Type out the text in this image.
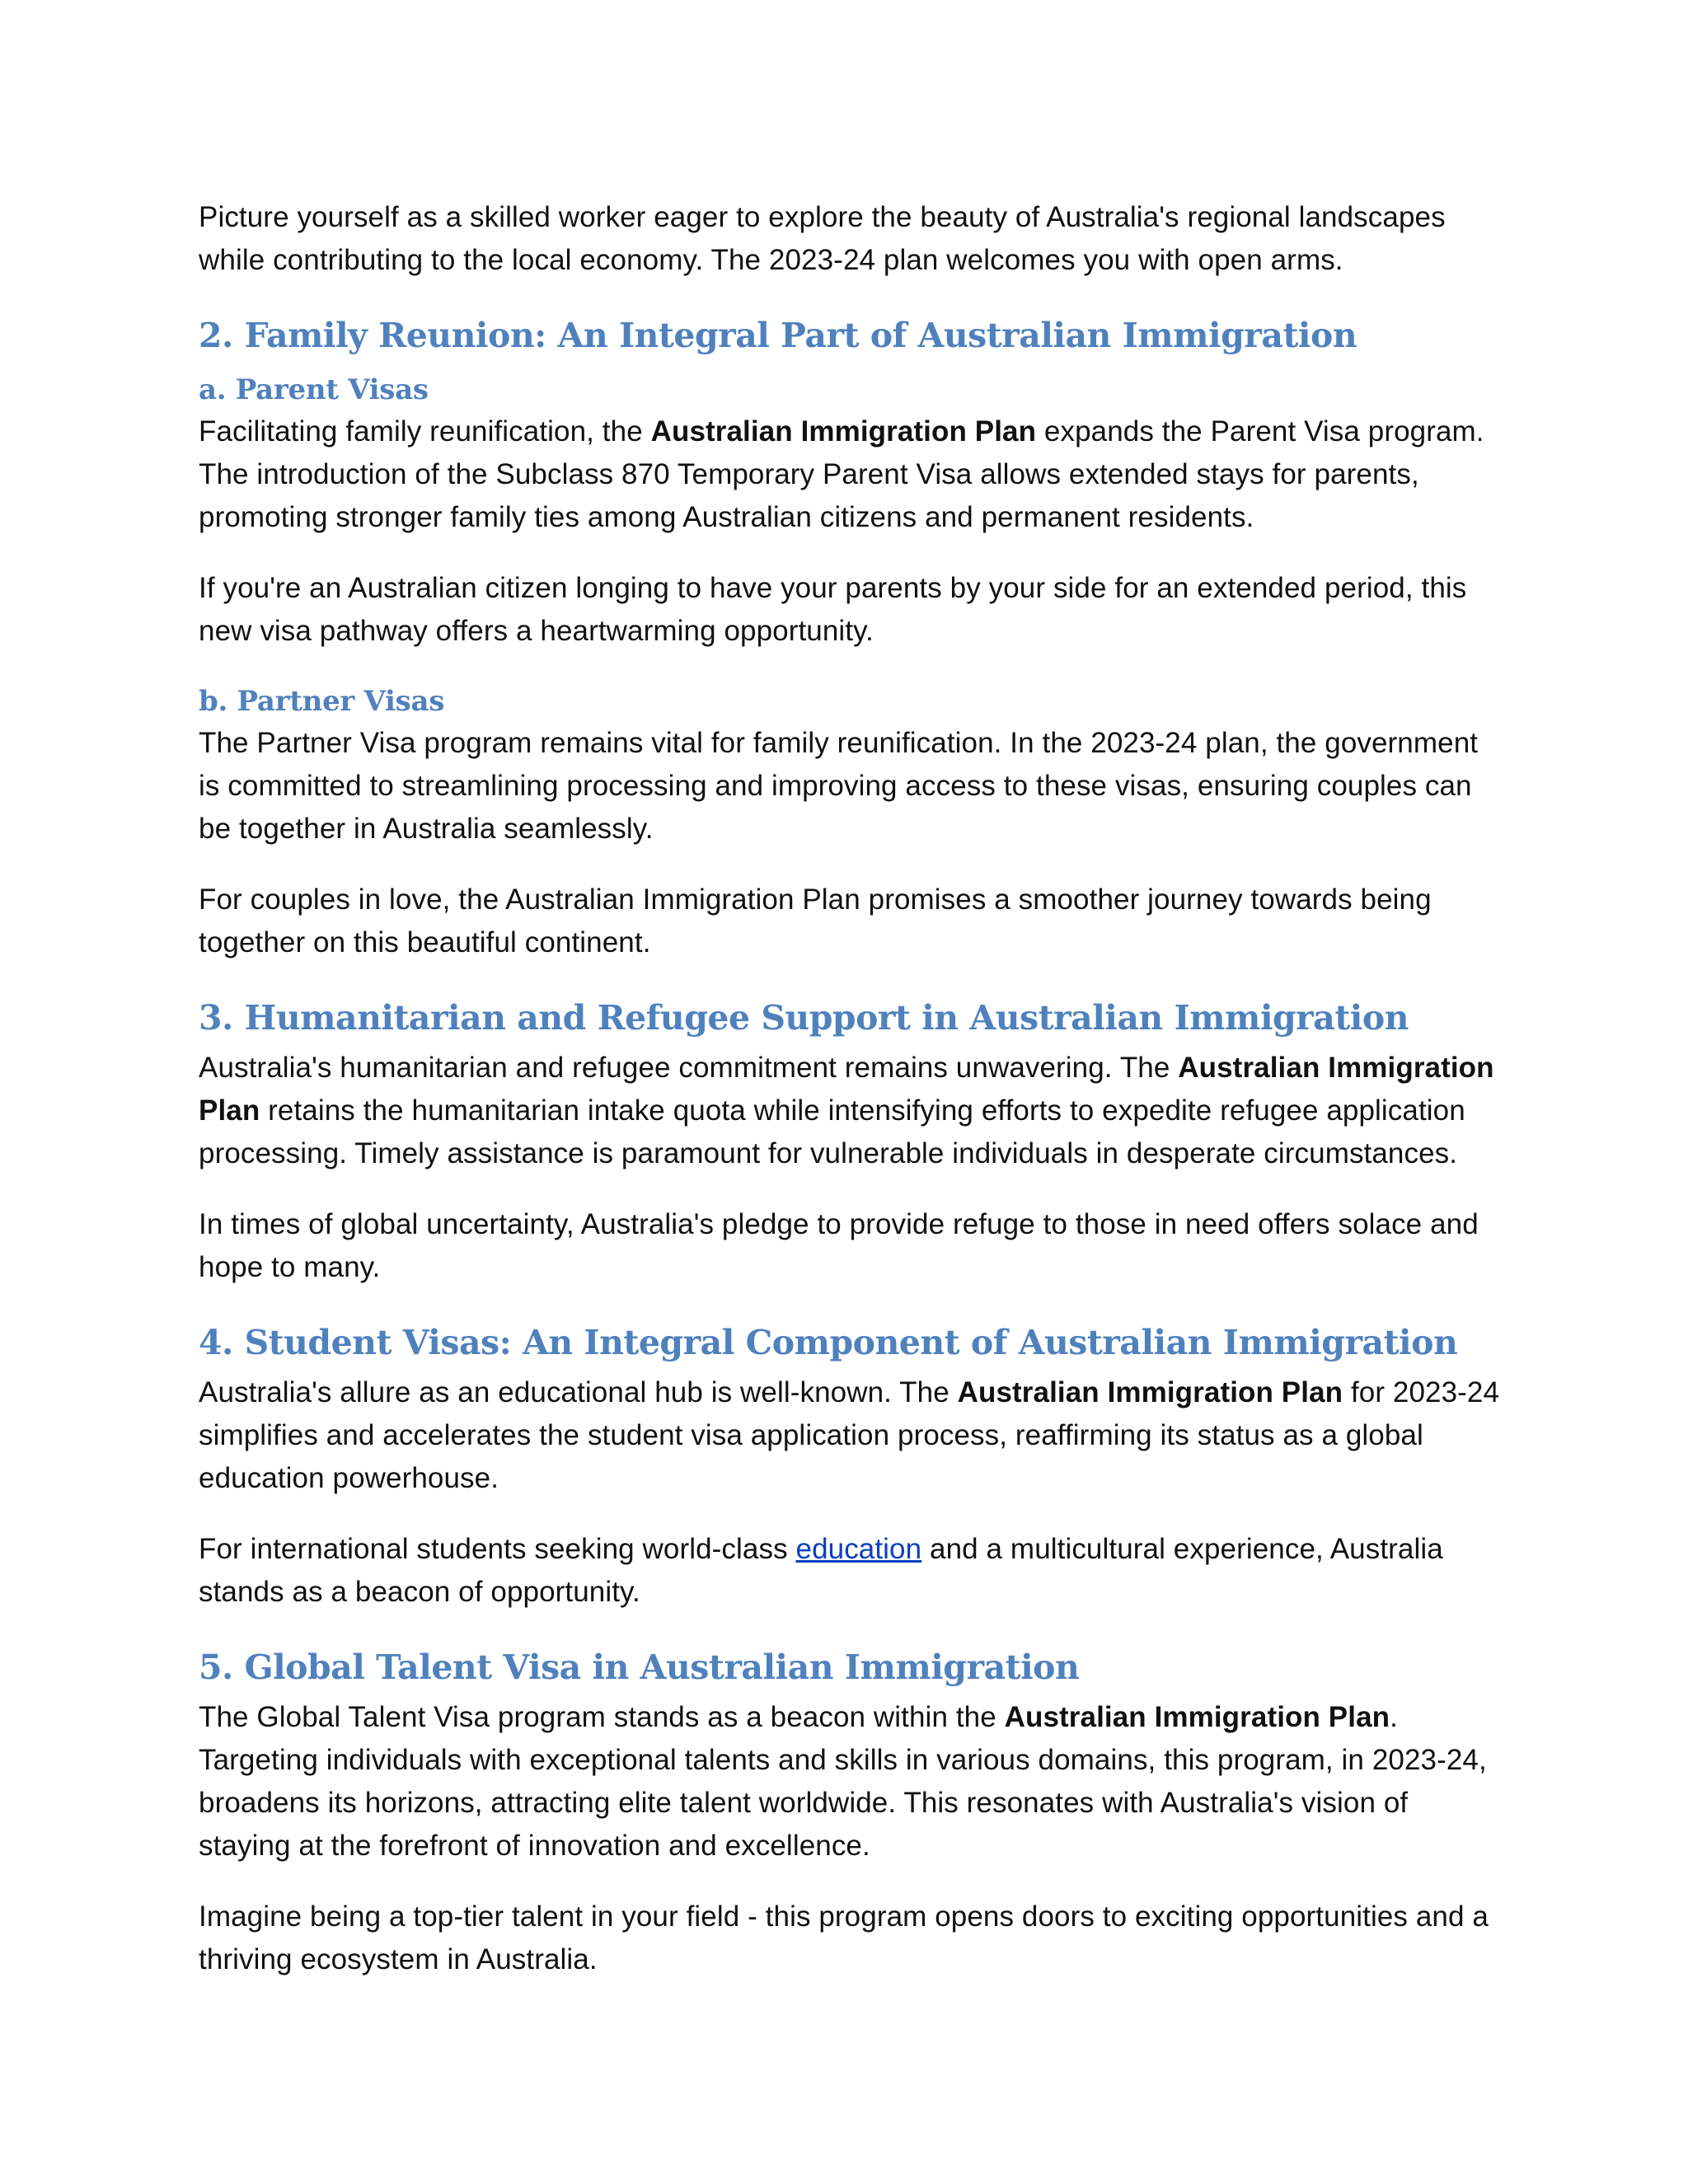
Picture yourself as a skilled worker eager to explore the beauty of Australia's regional landscapes while contributing to the local economy. The 2023-24 plan welcomes you with open arms.

2. Family Reunion: An Integral Part of Australian Immigration
a. Parent Visas

Facilitating family reunification, the Australian Immigration Plan expands the Parent Visa program. The introduction of the Subclass 870 Temporary Parent Visa allows extended stays for parents, promoting stronger family ties among Australian citizens and permanent residents.

If you're an Australian citizen longing to have your parents by your side for an extended period, this new visa pathway offers a heartwarming opportunity.

b. Partner Visas

The Partner Visa program remains vital for family reunification. In the 2023-24 plan, the government is committed to streamlining processing and improving access to these visas, ensuring couples can be together in Australia seamlessly.

For couples in love, the Australian Immigration Plan promises a smoother journey towards being together on this beautiful continent.

3. Humanitarian and Refugee Support in Australian Immigration

Australia's humanitarian and refugee commitment remains unwavering. The Australian Immigration Plan retains the humanitarian intake quota while intensifying efforts to expedite refugee application processing. Timely assistance is paramount for vulnerable individuals in desperate circumstances.

In times of global uncertainty, Australia's pledge to provide refuge to those in need offers solace and hope to many.

4. Student Visas: An Integral Component of Australian Immigration

Australia's allure as an educational hub is well-known. The Australian Immigration Plan for 2023-24 simplifies and accelerates the student visa application process, reaffirming its status as a global education powerhouse.

For international students seeking world-class education and a multicultural experience, Australia stands as a beacon of opportunity.

5. Global Talent Visa in Australian Immigration

The Global Talent Visa program stands as a beacon within the Australian Immigration Plan. Targeting individuals with exceptional talents and skills in various domains, this program, in 2023-24, broadens its horizons, attracting elite talent worldwide. This resonates with Australia's vision of staying at the forefront of innovation and excellence.

Imagine being a top-tier talent in your field - this program opens doors to exciting opportunities and a thriving ecosystem in Australia.
